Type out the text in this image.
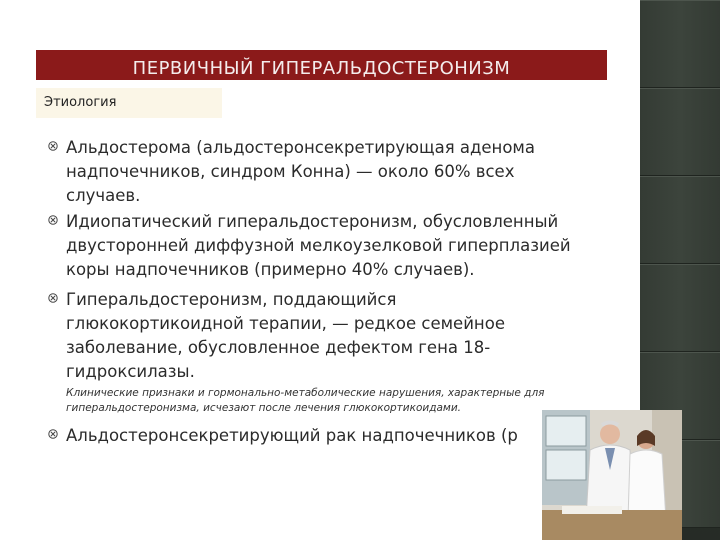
ПЕРВИЧНЫЙ ГИПЕРАЛЬДОСТЕРОНИЗМ
Этиология
Альдостерома (альдостеронсекретирующая аденома надпочечников, синдром Конна) — около 60% всех случаев.
Идиопатический гиперальдостеронизм, обусловленный двусторонней диффузной мелкоузелковой гиперплазией коры надпочечников (примерно 40% случаев).
Гиперальдостеронизм, поддающийся глюкокортикоидной терапии, — редкое семейное заболевание, обусловленное дефектом гена 18-гидроксилазы.
Клинические признаки и гормонально-метаболические нарушения, характерные для гиперальдостеронизма, исчезают после лечения глюкокортикоидами.
Альдостеронсекретирующий рак надпочечников (р
